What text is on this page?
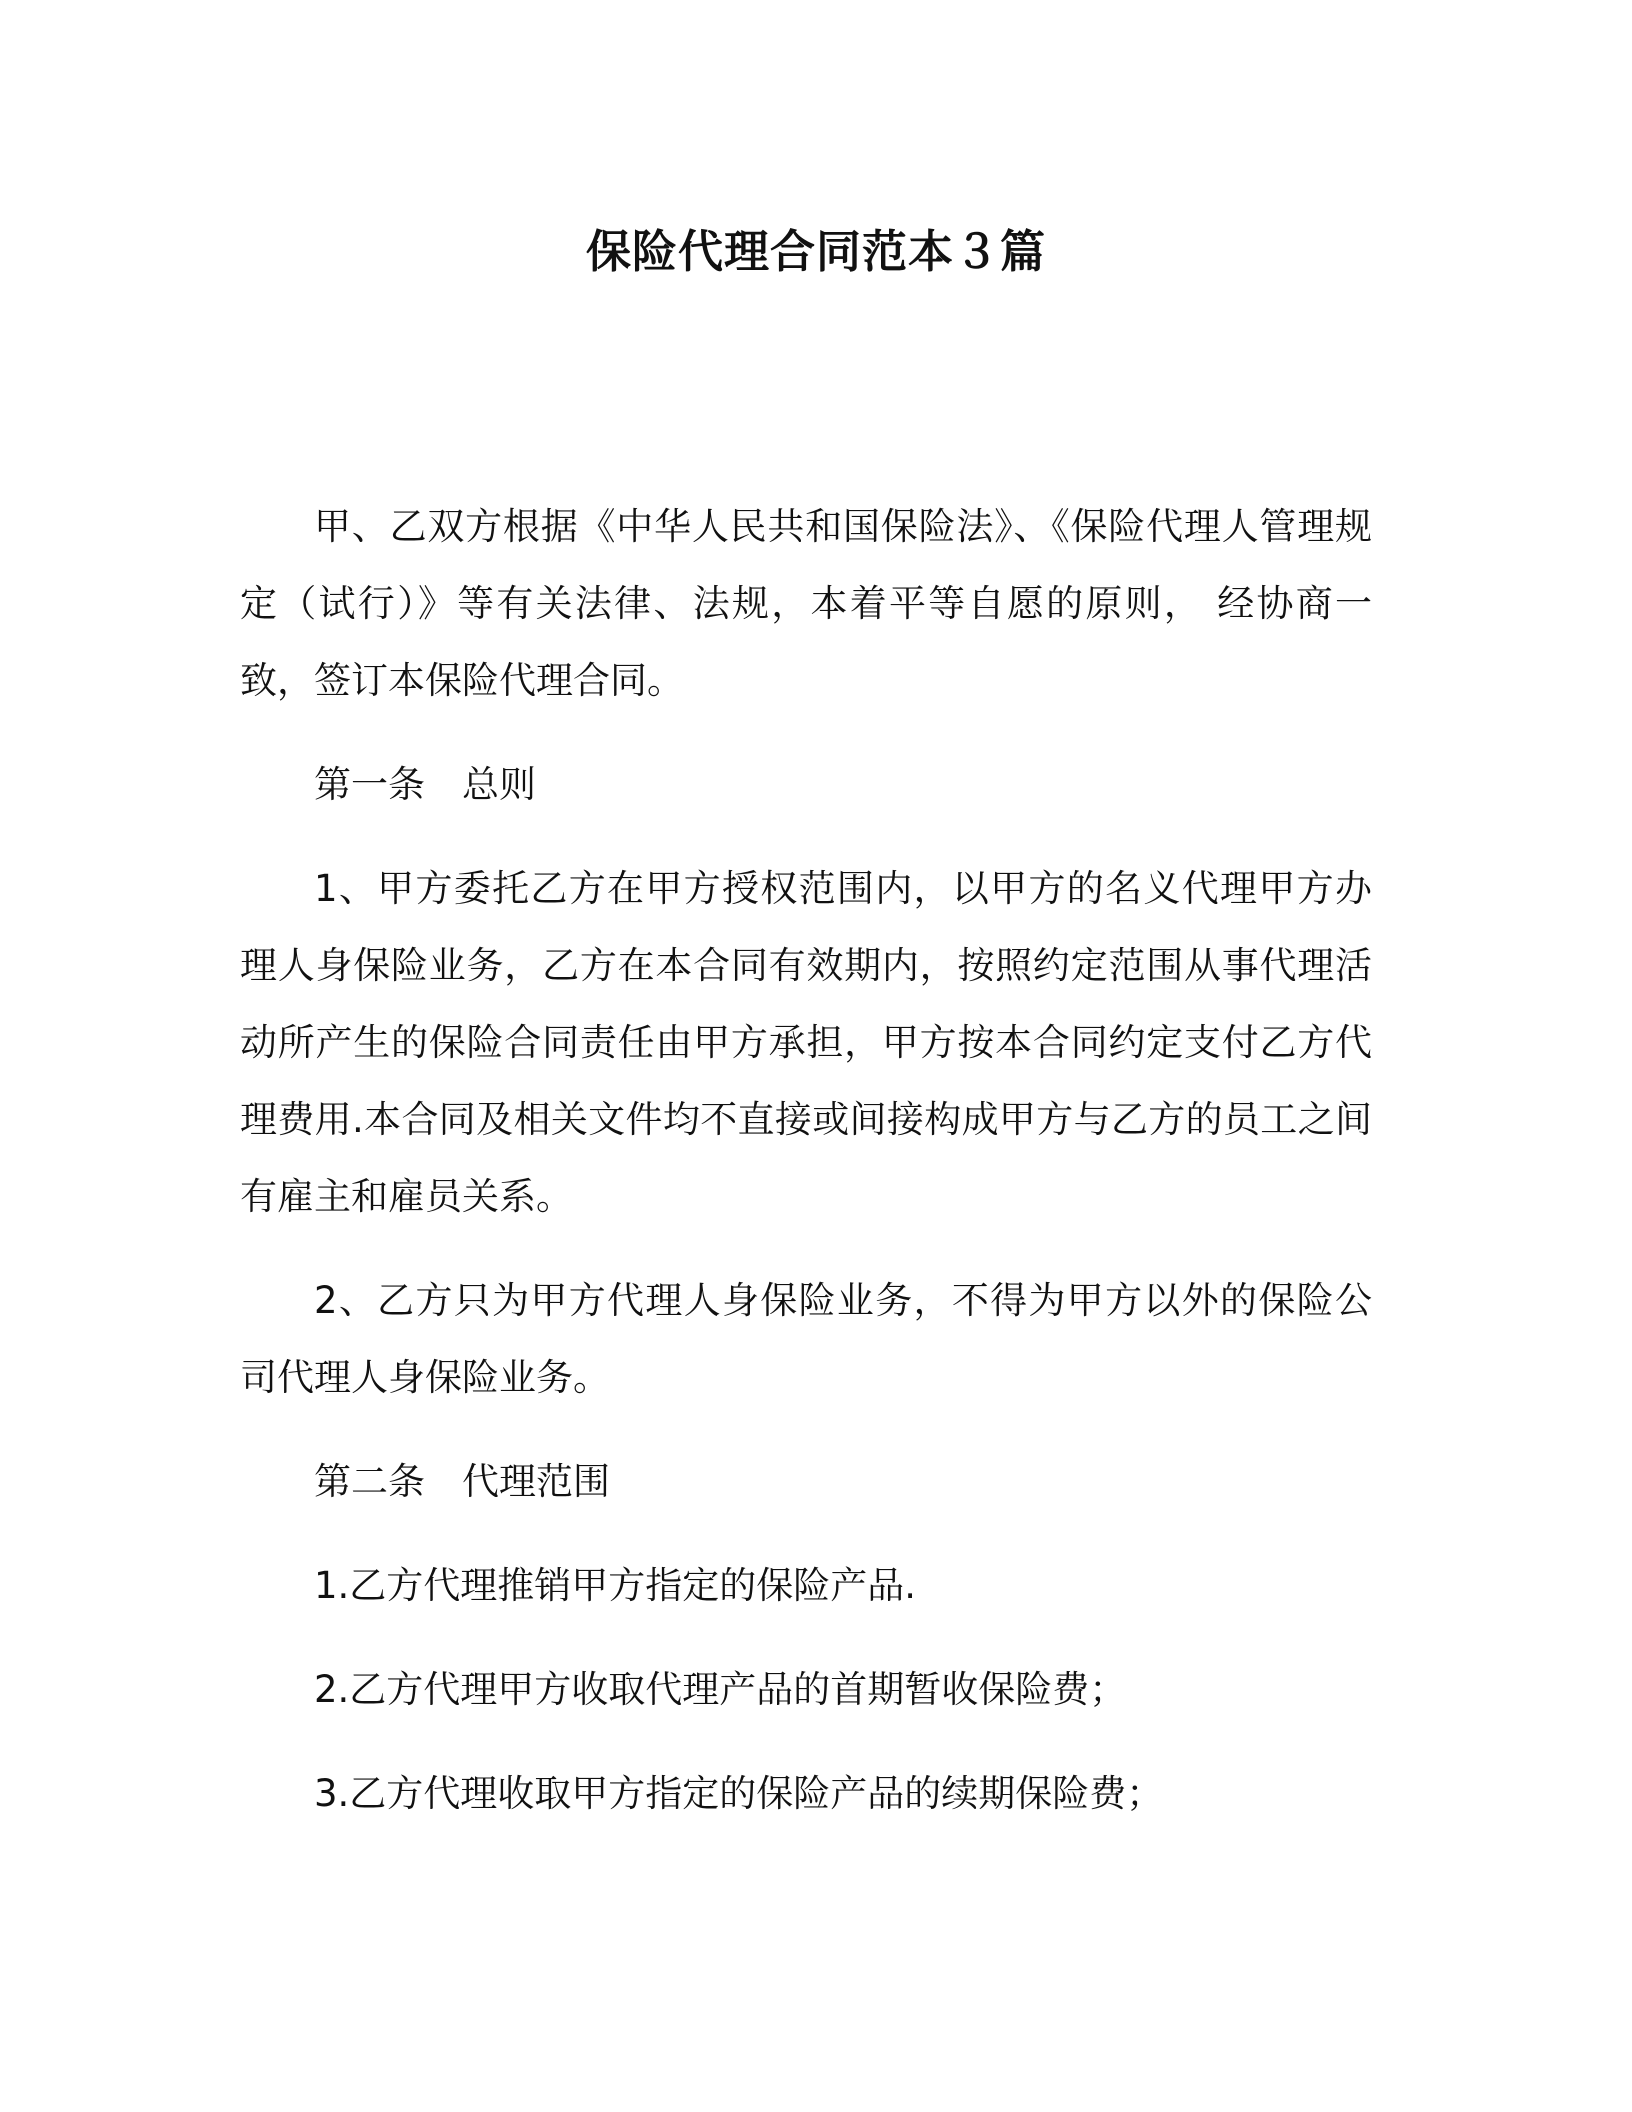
保险代理合同范本３篇

甲、乙双方根据《中华人民共和国保险法》、《保险代理人管理规定（试行）》等有关法律、法规，本着平等自愿的原则， 经协商一致，签订本保险代理合同。

第一条　总则

1、甲方委托乙方在甲方授权范围内，以甲方的名义代理甲方办理人身保险业务，乙方在本合同有效期内，按照约定范围从事代理活动所产生的保险合同责任由甲方承担，甲方按本合同约定支付乙方代理费用.本合同及相关文件均不直接或间接构成甲方与乙方的员工之间有雇主和雇员关系。

2、乙方只为甲方代理人身保险业务，不得为甲方以外的保险公司代理人身保险业务。

第二条　代理范围

1.乙方代理推销甲方指定的保险产品.

2.乙方代理甲方收取代理产品的首期暂收保险费；

3.乙方代理收取甲方指定的保险产品的续期保险费；
